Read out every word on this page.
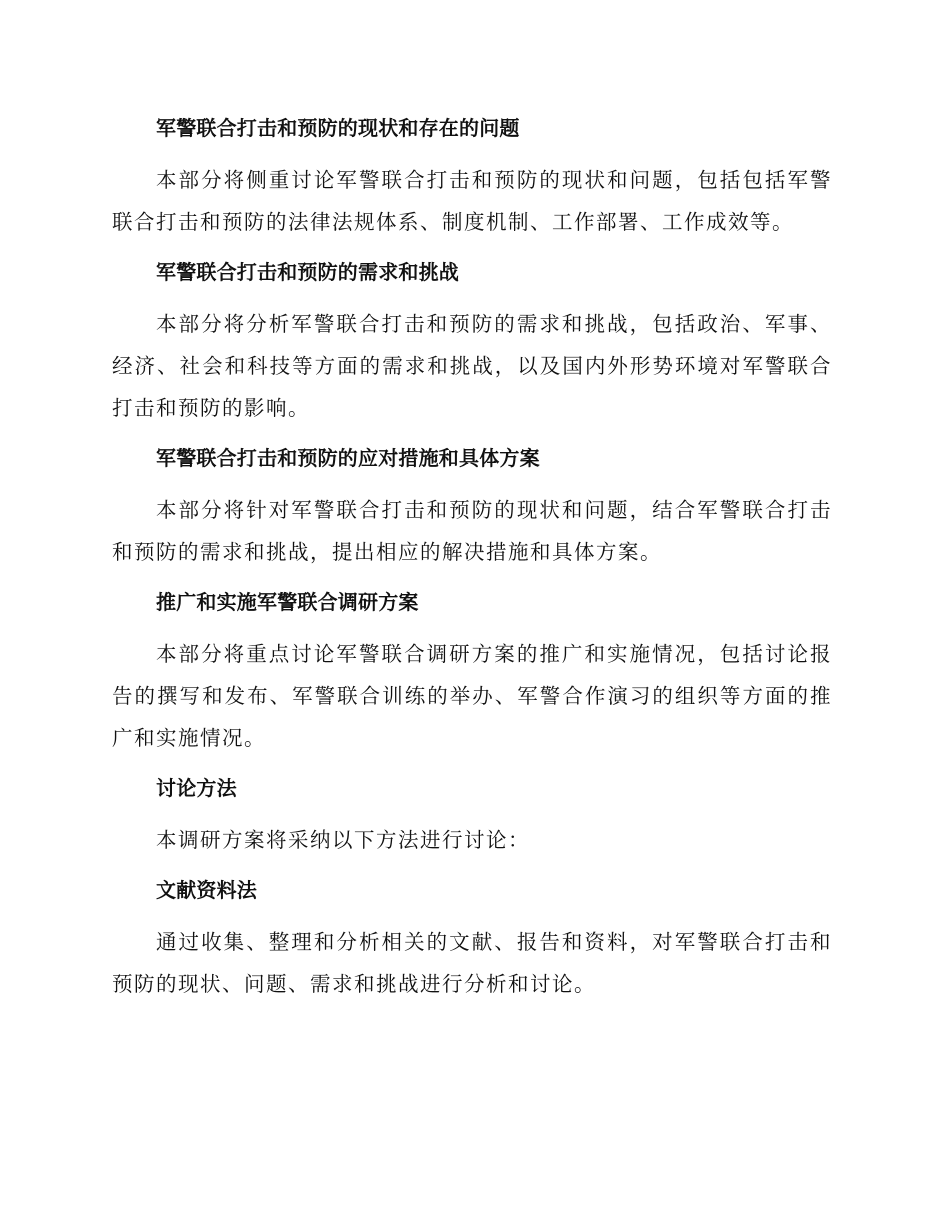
军警联合打击和预防的现状和存在的问题

本部分将侧重讨论军警联合打击和预防的现状和问题，包括包括军警联合打击和预防的法律法规体系、制度机制、工作部署、工作成效等。

军警联合打击和预防的需求和挑战

本部分将分析军警联合打击和预防的需求和挑战，包括政治、军事、经济、社会和科技等方面的需求和挑战，以及国内外形势环境对军警联合打击和预防的影响。

军警联合打击和预防的应对措施和具体方案

本部分将针对军警联合打击和预防的现状和问题，结合军警联合打击和预防的需求和挑战，提出相应的解决措施和具体方案。

推广和实施军警联合调研方案

本部分将重点讨论军警联合调研方案的推广和实施情况，包括讨论报告的撰写和发布、军警联合训练的举办、军警合作演习的组织等方面的推广和实施情况。

讨论方法

本调研方案将采纳以下方法进行讨论：

文献资料法

通过收集、整理和分析相关的文献、报告和资料，对军警联合打击和预防的现状、问题、需求和挑战进行分析和讨论。
